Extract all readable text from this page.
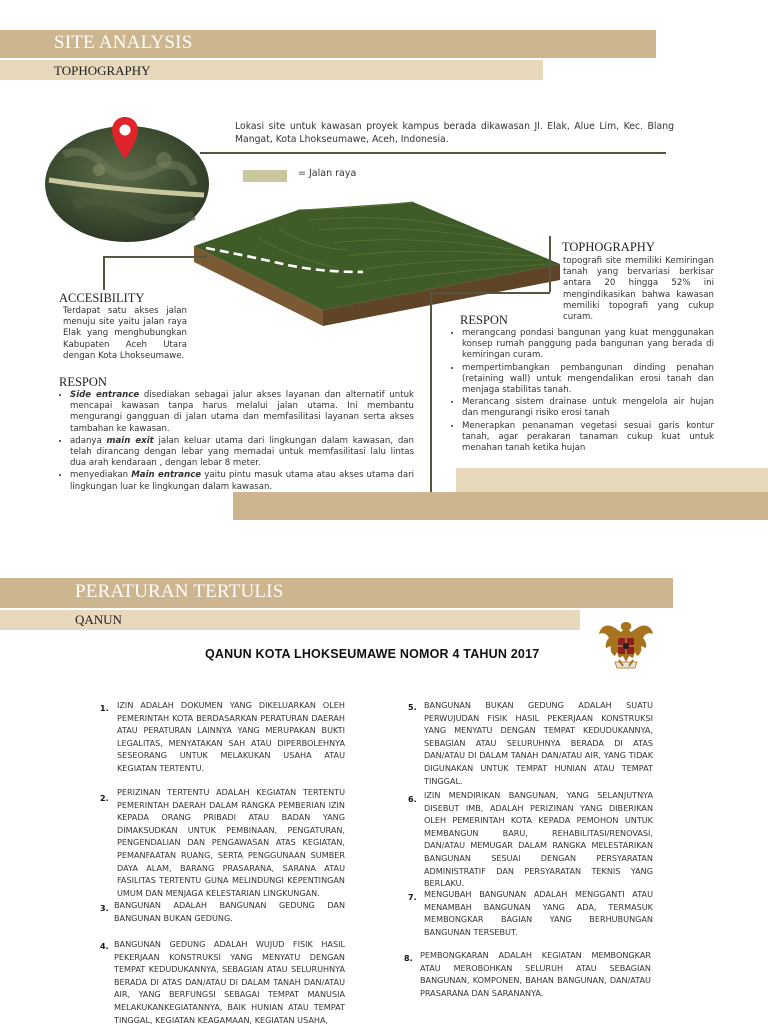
SITE ANALYSIS
TOPHOGRAPHY
Lokasi site untuk kawasan proyek kampus berada dikawasan Jl. Elak, Alue Lim, Kec. Blang Mangat, Kota Lhokseumawe, Aceh, Indonesia.
= Jalan raya
ACCESIBILITY
Terdapat satu akses jalan menuju site yaitu jalan raya Elak yang menghubungkan Kabupaten Aceh Utara dengan Kota Lhokseumawe.
RESPON
• Side entrance disediakan sebagai jalur akses layanan dan alternatif untuk mencapai kawasan tanpa harus melalui jalan utama. Ini membantu mengurangi gangguan di jalan utama dan memfasilitasi layanan serta akses tambahan ke kawasan.
• adanya main exit jalan keluar utama dari lingkungan dalam kawasan, dan telah dirancang dengan lebar yang memadai untuk memfasilitasi lalu lintas dua arah kendaraan , dengan lebar 8 meter.
• menyediakan Main entrance yaitu pintu masuk utama atau akses utama dari lingkungan luar ke lingkungan dalam kawasan.
TOPHOGRAPHY
topografi site memiliki Kemiringan tanah yang bervariasi berkisar antara 20 hingga 52% ini mengindikasikan bahwa kawasan memiliki topografi yang cukup curam.
RESPON
• merangcang pondasi bangunan yang kuat menggunakan konsep rumah panggung pada bangunan yang berada di kemiringan curam.
• mempertimbangkan pembangunan dinding penahan (retaining wall) untuk mengendalikan erosi tanah dan menjaga stabilitas tanah.
• Merancang sistem drainase untuk mengelola air hujan dan mengurangi risiko erosi tanah
• Menerapkan penanaman vegetasi sesuai garis kontur tanah, agar perakaran tanaman cukup kuat untuk menahan tanah ketika hujan
PERATURAN TERTULIS
QANUN
QANUN KOTA LHOKSEUMAWE NOMOR 4 TAHUN 2017
1. IZIN ADALAH DOKUMEN YANG DIKELUARKAN OLEH PEMERINTAH KOTA BERDASARKAN PERATURAN DAERAH ATAU PERATURAN LAINNYA YANG MERUPAKAN BUKTI LEGALITAS, MENYATAKAN SAH ATAU DIPERBOLEHNYA SESEORANG UNTUK MELAKUKAN USAHA ATAU KEGIATAN TERTENTU.
2.
PERIZINAN TERTENTU ADALAH KEGIATAN TERTENTU PEMERINTAH DAERAH DALAM RANGKA PEMBERIAN IZIN KEPADA ORANG PRIBADI ATAU BADAN YANG DIMAKSUDKAN UNTUK PEMBINAAN, PENGATURAN, PENGENDALIAN DAN PENGAWASAN ATAS KEGIATAN, PEMANFAATAN RUANG, SERTA PENGGUNAAN SUMBER DAYA ALAM, BARANG PRASARANA, SARANA ATAU FASILITAS TERTENTU GUNA MELINDUNGI KEPENTINGAN UMUM DAN MENJAGA KELESTARIAN LINGKUNGAN.
3. BANGUNAN ADALAH BANGUNAN GEDUNG DAN BANGUNAN BUKAN GEDUNG.
4. BANGUNAN GEDUNG ADALAH WUJUD FISIK HASIL PEKERJAAN KONSTRUKSI YANG MENYATU DENGAN TEMPAT KEDUDUKANNYA, SEBAGIAN ATAU SELURUHNYA BERADA DI ATAS DAN/ATAU DI DALAM TANAH DAN/ATAU AIR, YANG BERFUNGSI SEBAGAI TEMPAT MANUSIA MELAKUKANKEGIATANNYA, BAIK HUNIAN ATAU TEMPAT TINGGAL, KEGIATAN KEAGAMAAN, KEGIATAN USAHA,
5. BANGUNAN BUKAN GEDUNG ADALAH SUATU PERWUJUDAN FISIK HASIL PEKERJAAN KONSTRUKSI YANG MENYATU DENGAN TEMPAT KEDUDUKANNYA, SEBAGIAN ATAU SELURUHNYA BERADA DI ATAS DAN/ATAU DI DALAM TANAH DAN/ATAU AIR, YANG TIDAK DIGUNAKAN UNTUK TEMPAT HUNIAN ATAU TEMPAT TINGGAL.
6. IZIN MENDIRIKAN BANGUNAN, YANG SELANJUTNYA DISEBUT IMB, ADALAH PERIZINAN YANG DIBERIKAN OLEH PEMERINTAH KOTA KEPADA PEMOHON UNTUK MEMBANGUN BARU, REHABILITASI/RENOVASI, DAN/ATAU MEMUGAR DALAM RANGKA MELESTARIKAN BANGUNAN SESUAI DENGAN PERSYARATAN ADMINISTRATIF DAN PERSYARATAN TEKNIS YANG BERLAKU.
7. MENGUBAH BANGUNAN ADALAH MENGGANTI ATAU MENAMBAH BANGUNAN YANG ADA, TERMASUK MEMBONGKAR BAGIAN YANG BERHUBUNGAN BANGUNAN TERSEBUT.
8. PEMBONGKARAN ADALAH KEGIATAN MEMBONGKAR ATAU MEROBOHKAN SELURUH ATAU SEBAGIAN BANGUNAN, KOMPONEN, BAHAN BANGUNAN, DAN/ATAU PRASARANA DAN SARANANYA.
